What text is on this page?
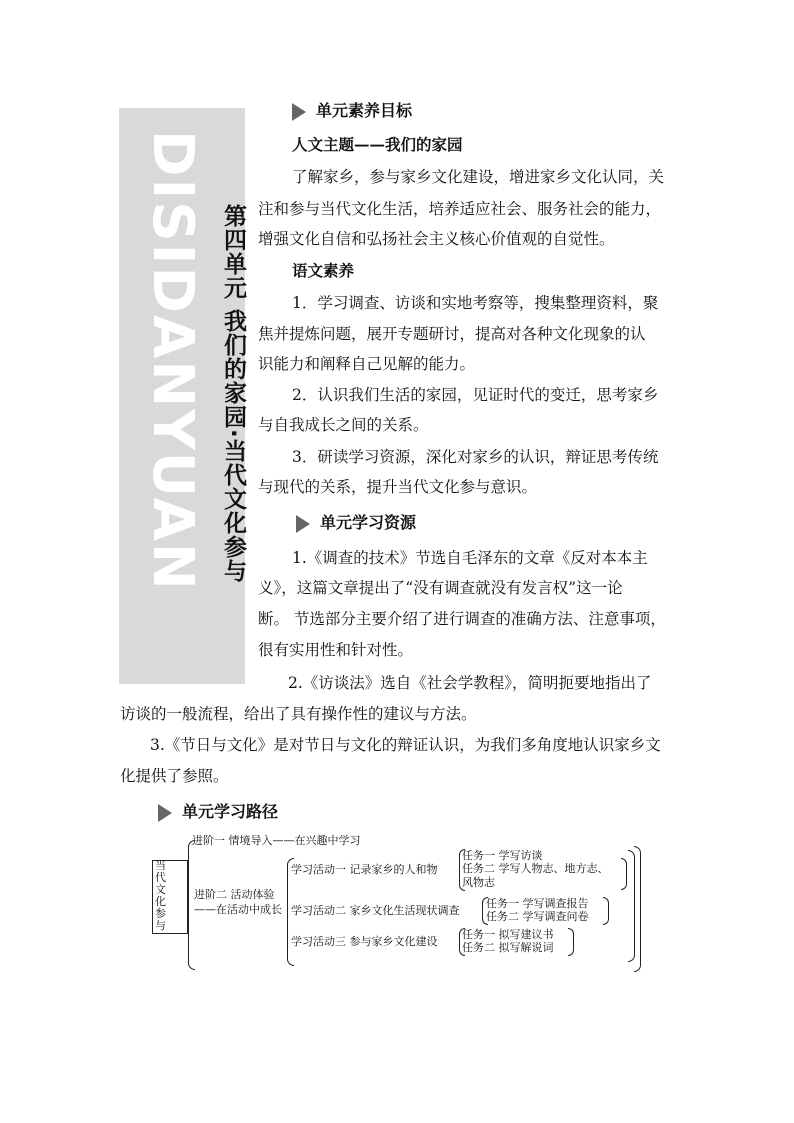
DISIDANYUAN 第四单元 我们的家园·当代文化参与
单元素养目标
人文主题——我们的家园
了解家乡，参与家乡文化建设，增进家乡文化认同，关
注和参与当代文化生活，培养适应社会、服务社会的能力，
增强文化自信和弘扬社会主义核心价值观的自觉性。
语文素养
1．学习调查、访谈和实地考察等，搜集整理资料，聚
焦并提炼问题，展开专题研讨，提高对各种文化现象的认
识能力和阐释自己见解的能力。
2．认识我们生活的家园，见证时代的变迁，思考家乡
与自我成长之间的关系。
3．研读学习资源，深化对家乡的认识，辩证思考传统
与现代的关系，提升当代文化参与意识。
单元学习资源
1.《调查的技术》节选自毛泽东的文章《反对本本主
义》，这篇文章提出了“没有调查就没有发言权”这一论
断。 节选部分主要介绍了进行调查的准确方法、注意事项，
很有实用性和针对性。
2.《访谈法》选自《社会学教程》，简明扼要地指出了
访谈的一般流程，给出了具有操作性的建议与方法。
3.《节日与文化》是对节日与文化的辩证认识，为我们多角度地认识家乡文
化提供了参照。
单元学习路径
当代文化参与
进阶一 情境导入——在兴趣中学习
进阶二 活动体验
——在活动中成长
学习活动一 记录家乡的人和物
学习活动二 家乡文化生活现状调查
学习活动三 参与家乡文化建设
任务一 学写访谈
任务二 学写人物志、地方志、
风物志
任务一 学写调查报告
任务二 学写调查问卷
任务一 拟写建议书
任务二 拟写解说词
